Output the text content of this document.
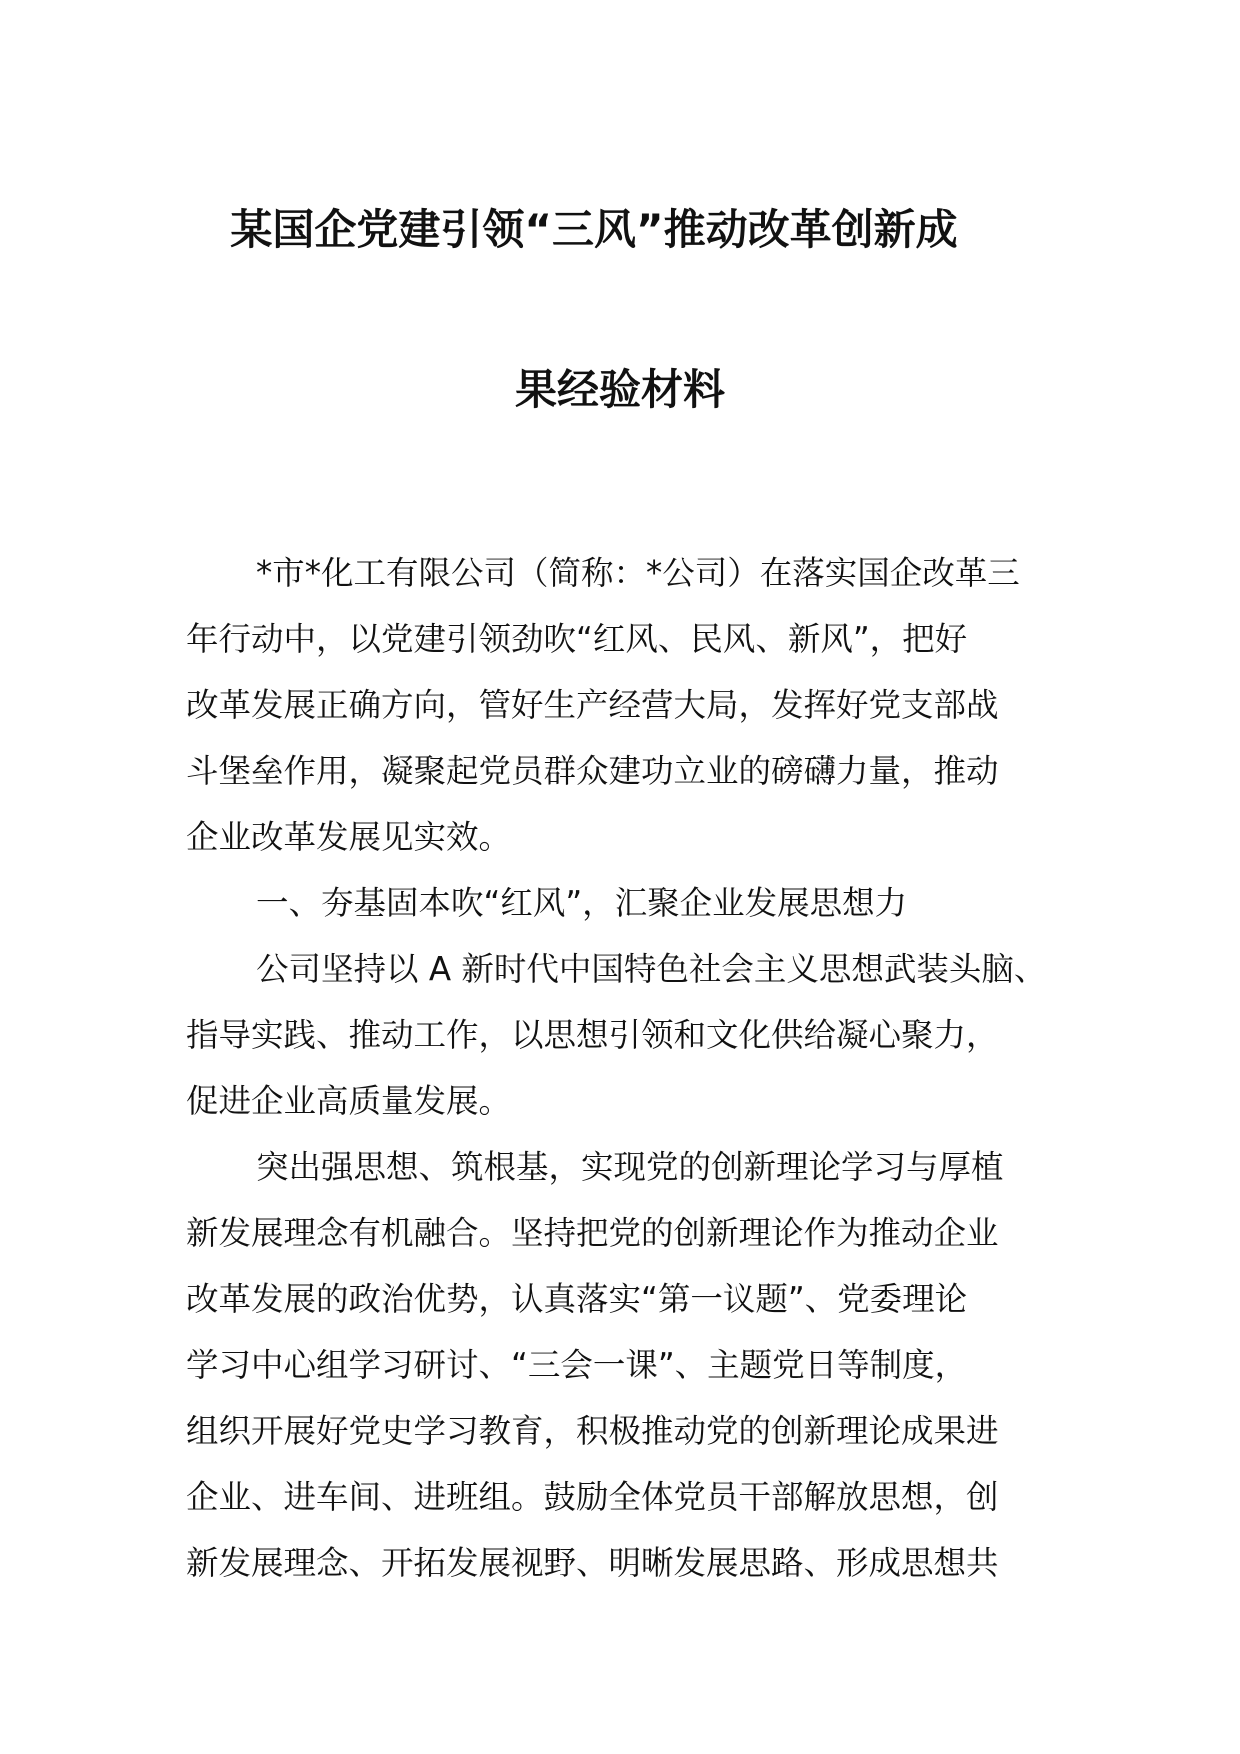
某国企党建引领“三风”推动改革创新成
果经验材料
*市*化工有限公司（简称：*公司）在落实国企改革三
年行动中，以党建引领劲吹“红风、民风、新风”，把好
改革发展正确方向，管好生产经营大局，发挥好党支部战
斗堡垒作用，凝聚起党员群众建功立业的磅礴力量，推动
企业改革发展见实效。
一、夯基固本吹“红风”，汇聚企业发展思想力
公司坚持以 A 新时代中国特色社会主义思想武装头脑、
指导实践、推动工作，以思想引领和文化供给凝心聚力，
促进企业高质量发展。
突出强思想、筑根基，实现党的创新理论学习与厚植
新发展理念有机融合。坚持把党的创新理论作为推动企业
改革发展的政治优势，认真落实“第一议题”、党委理论
学习中心组学习研讨、“三会一课”、主题党日等制度，
组织开展好党史学习教育，积极推动党的创新理论成果进
企业、进车间、进班组。鼓励全体党员干部解放思想，创
新发展理念、开拓发展视野、明晰发展思路、形成思想共
